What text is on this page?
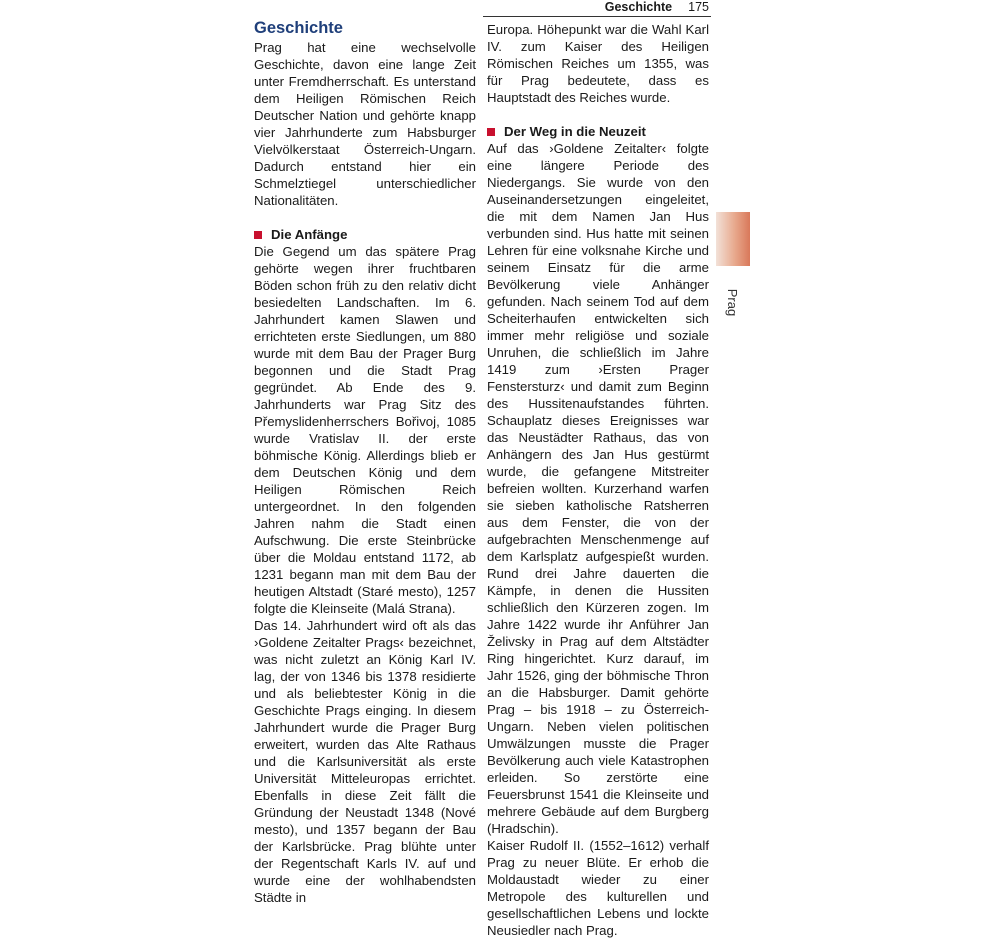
Geschichte 175
Geschichte

Prag hat eine wechselvolle Geschichte, davon eine lange Zeit unter Fremdherrschaft. Es unterstand dem Heiligen Römischen Reich Deutscher Nation und gehörte knapp vier Jahrhunderte zum Habsburger Vielvölkerstaat Österreich-Ungarn. Dadurch entstand hier ein Schmelztiegel unterschiedlicher Nationalitäten.

Die Anfänge

Die Gegend um das spätere Prag gehörte wegen ihrer fruchtbaren Böden schon früh zu den relativ dicht besiedelten Landschaften. Im 6. Jahrhundert kamen Slawen und errichteten erste Siedlungen, um 880 wurde mit dem Bau der Prager Burg begonnen und die Stadt Prag gegründet. Ab Ende des 9. Jahrhunderts war Prag Sitz des Přemyslidenherrschers Bořivoj, 1085 wurde Vratislav II. der erste böhmische König. Allerdings blieb er dem Deutschen König und dem Heiligen Römischen Reich untergeordnet. In den folgenden Jahren nahm die Stadt einen Aufschwung. Die erste Steinbrücke über die Moldau entstand 1172, ab 1231 begann man mit dem Bau der heutigen Altstadt (Staré mesto), 1257 folgte die Kleinseite (Malá Strana).

Das 14. Jahrhundert wird oft als das ›Goldene Zeitalter Prags‹ bezeichnet, was nicht zuletzt an König Karl IV. lag, der von 1346 bis 1378 residierte und als beliebtester König in die Geschichte Prags einging. In diesem Jahrhundert wurde die Prager Burg erweitert, wurden das Alte Rathaus und die Karlsuniversität als erste Universität Mitteleuropas errichtet. Ebenfalls in diese Zeit fällt die Gründung der Neustadt 1348 (Nové mesto), und 1357 begann der Bau der Karlsbrücke. Prag blühte unter der Regentschaft Karls IV. auf und wurde eine der wohlhabendsten Städte in

Europa. Höhepunkt war die Wahl Karl IV. zum Kaiser des Heiligen Römischen Reiches um 1355, was für Prag bedeutete, dass es Hauptstadt des Reiches wurde.

Der Weg in die Neuzeit

Auf das ›Goldene Zeitalter‹ folgte eine längere Periode des Niedergangs. Sie wurde von den Auseinandersetzungen eingeleitet, die mit dem Namen Jan Hus verbunden sind. Hus hatte mit seinen Lehren für eine volksnahe Kirche und seinem Einsatz für die arme Bevölkerung viele Anhänger gefunden. Nach seinem Tod auf dem Scheiterhaufen entwickelten sich immer mehr religiöse und soziale Unruhen, die schließlich im Jahre 1419 zum ›Ersten Prager Fenstersturz‹ und damit zum Beginn des Hussitenaufstandes führten. Schauplatz dieses Ereignisses war das Neustädter Rathaus, das von Anhängern des Jan Hus gestürmt wurde, die gefangene Mitstreiter befreien wollten. Kurzerhand warfen sie sieben katholische Ratsherren aus dem Fenster, die von der aufgebrachten Menschenmenge auf dem Karlsplatz aufgespießt wurden. Rund drei Jahre dauerten die Kämpfe, in denen die Hussiten schließlich den Kürzeren zogen. Im Jahre 1422 wurde ihr Anführer Jan Želivsky in Prag auf dem Altstädter Ring hingerichtet. Kurz darauf, im Jahr 1526, ging der böhmische Thron an die Habsburger. Damit gehörte Prag – bis 1918 – zu Österreich-Ungarn. Neben vielen politischen Umwälzungen musste die Prager Bevölkerung auch viele Katastrophen erleiden. So zerstörte eine Feuersbrunst 1541 die Kleinseite und mehrere Gebäude auf dem Burgberg (Hradschin).

Kaiser Rudolf II. (1552–1612) verhalf Prag zu neuer Blüte. Er erhob die Moldaustadt wieder zu einer Metropole des kulturellen und gesellschaftlichen Lebens und lockte Neusiedler nach Prag.

Prag
